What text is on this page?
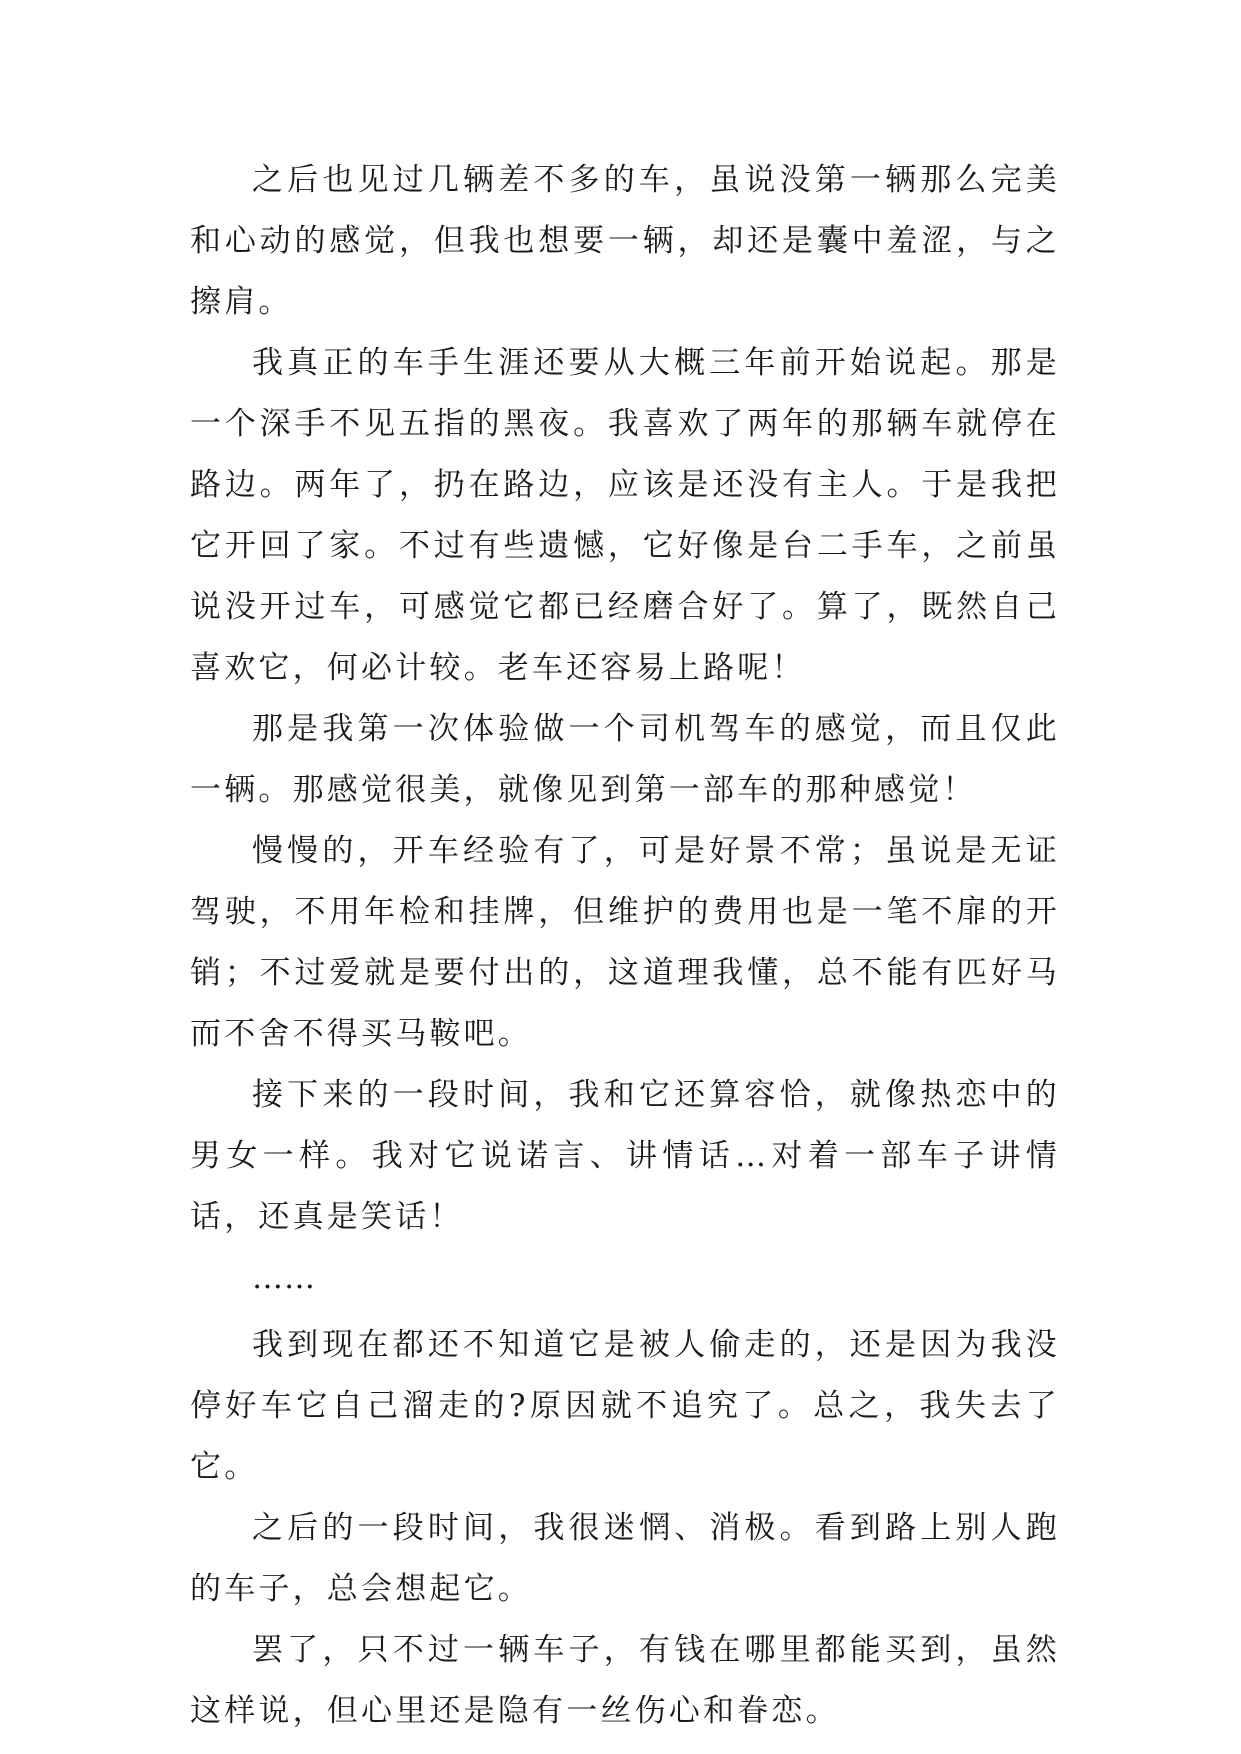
之后也见过几辆差不多的车，虽说没第一辆那么完美和心动的感觉，但我也想要一辆，却还是囊中羞涩，与之擦肩。

我真正的车手生涯还要从大概三年前开始说起。那是一个深手不见五指的黑夜。我喜欢了两年的那辆车就停在路边。两年了，扔在路边，应该是还没有主人。于是我把它开回了家。不过有些遗憾，它好像是台二手车，之前虽说没开过车，可感觉它都已经磨合好了。算了，既然自己喜欢它，何必计较。老车还容易上路呢！

那是我第一次体验做一个司机驾车的感觉，而且仅此一辆。那感觉很美，就像见到第一部车的那种感觉！

慢慢的，开车经验有了，可是好景不常；虽说是无证驾驶，不用年检和挂牌，但维护的费用也是一笔不扉的开销；不过爱就是要付出的，这道理我懂，总不能有匹好马而不舍不得买马鞍吧。

接下来的一段时间，我和它还算容恰，就像热恋中的男女一样。我对它说诺言、讲情话…对着一部车子讲情话，还真是笑话！

……

我到现在都还不知道它是被人偷走的，还是因为我没停好车它自己溜走的?原因就不追究了。总之，我失去了它。

之后的一段时间，我很迷惘、消极。看到路上别人跑的车子，总会想起它。

罢了，只不过一辆车子，有钱在哪里都能买到，虽然这样说，但心里还是隐有一丝伤心和眷恋。
